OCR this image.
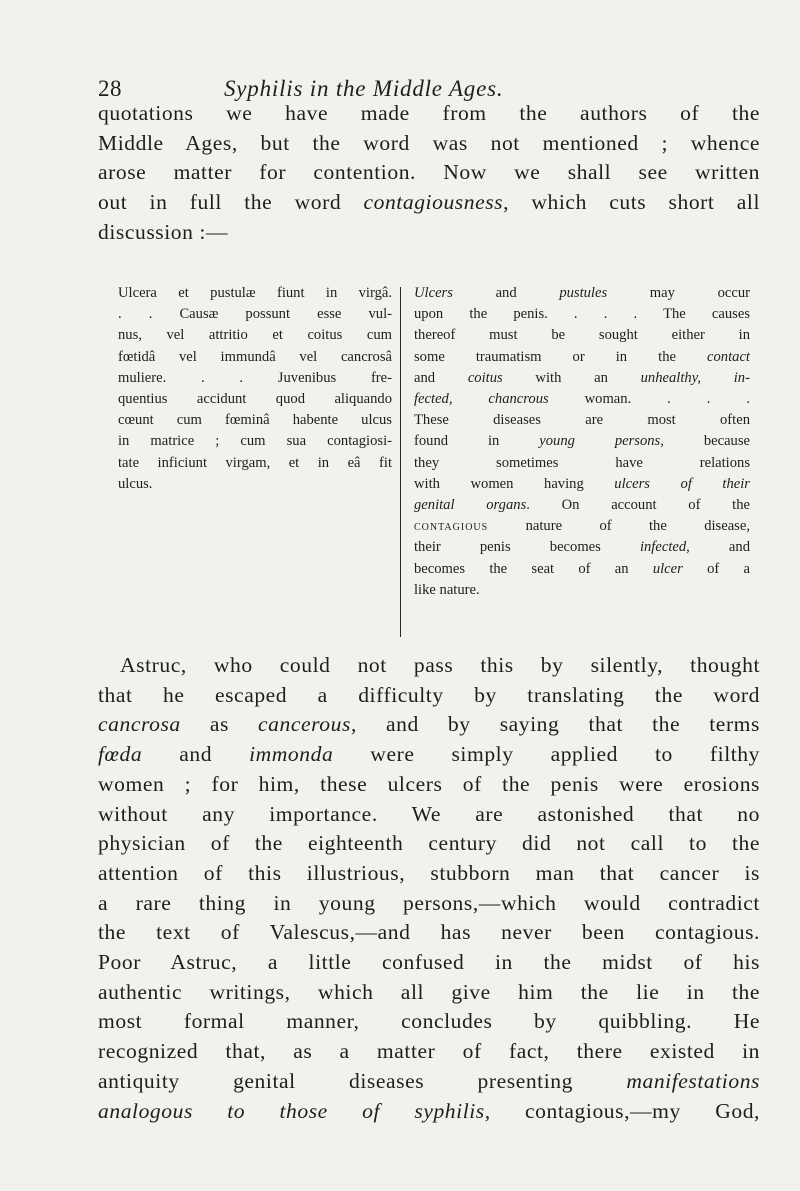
28	Syphilis in the Middle Ages.
quotations we have made from the authors of the
Middle Ages, but the word was not mentioned ; whence
arose matter for contention. Now we shall see written
out in full the word contagiousness, which cuts short all
discussion :—
Ulcera et pustulæ fiunt in virgâ.
. . Causæ possunt esse vul-
nus, vel attritio et coitus cum
fœtidâ vel immundâ vel cancrosâ
muliere. . . Juvenibus fre-
quentius accidunt quod aliquando
cœunt cum fœminâ habente ulcus
in matrice ; cum sua contagiosi-
tate inficiunt virgam, et in eâ fit
ulcus.
Ulcers and pustules may occur
upon the penis. . . . The causes
thereof must be sought either in
some traumatism or in the contact
and coitus with an unhealthy, in-
fected, chancrous woman. . . .
These diseases are most often
found in young persons, because
they sometimes have relations
with women having ulcers of their
genital organs. On account of the
contagious nature of the disease,
their penis becomes infected, and
becomes the seat of an ulcer of a
like nature.
Astruc, who could not pass this by silently, thought
that he escaped a difficulty by translating the word
cancrosa as cancerous, and by saying that the terms
fœda and immonda were simply applied to filthy
women ; for him, these ulcers of the penis were erosions
without any importance. We are astonished that no
physician of the eighteenth century did not call to the
attention of this illustrious, stubborn man that cancer is
a rare thing in young persons,—which would contradict
the text of Valescus,—and has never been contagious.
Poor Astruc, a little confused in the midst of his
authentic writings, which all give him the lie in the
most formal manner, concludes by quibbling. He
recognized that, as a matter of fact, there existed in
antiquity genital diseases presenting manifestations
analogous to those of syphilis, contagious,—my God,
